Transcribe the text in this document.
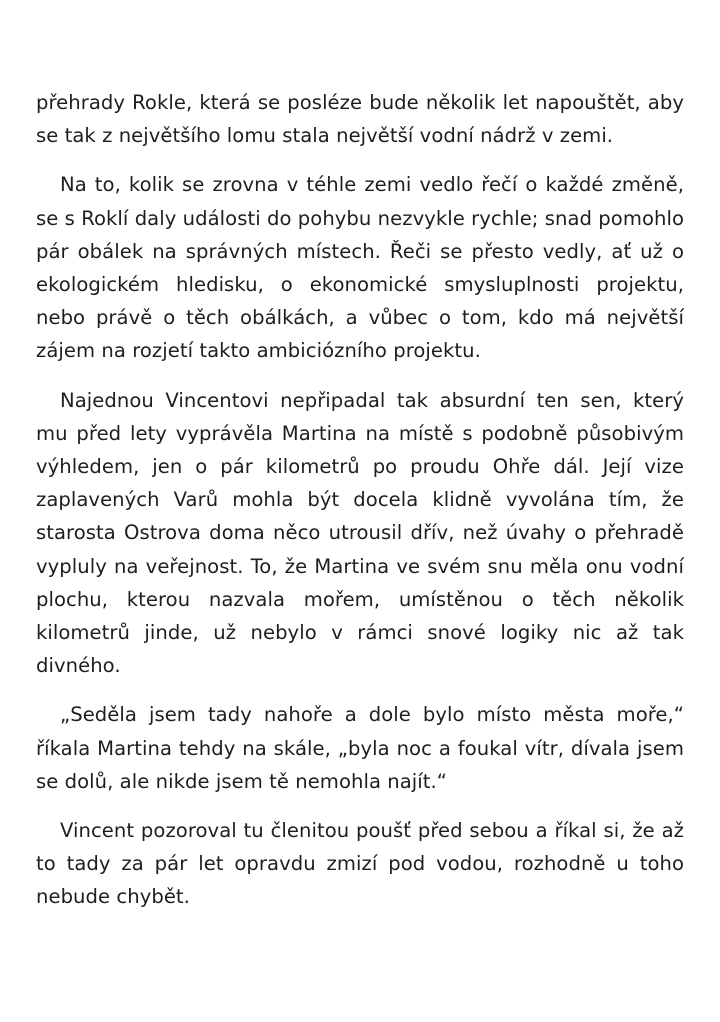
přehrady Rokle, která se posléze bude několik let napouštět, aby se tak z největšího lomu stala největší vodní nádrž v zemi.

Na to, kolik se zrovna v téhle zemi vedlo řečí o každé změně, se s Roklí daly události do pohybu nezvykle rychle; snad pomohlo pár obálek na správných místech. Řeči se přesto vedly, ať už o ekologickém hledisku, o ekonomické smysluplnosti projektu, nebo právě o těch obálkách, a vůbec o tom, kdo má největší zájem na rozjetí takto ambiciózního projektu.

Najednou Vincentovi nepřipadal tak absurdní ten sen, který mu před lety vyprávěla Martina na místě s podobně působivým výhledem, jen o pár kilometrů po proudu Ohře dál. Její vize zaplavených Varů mohla být docela klidně vyvolána tím, že starosta Ostrova doma něco utrousil dřív, než úvahy o přehradě vypluly na veřejnost. To, že Martina ve svém snu měla onu vodní plochu, kterou nazvala mořem, umístěnou o těch několik kilometrů jinde, už nebylo v rámci snové logiky nic až tak divného.

„Seděla jsem tady nahoře a dole bylo místo města moře,“ říkala Martina tehdy na skále, „byla noc a foukal vítr, dívala jsem se dolů, ale nikde jsem tě nemohla najít.“

Vincent pozoroval tu členitou poušť před sebou a říkal si, že až to tady za pár let opravdu zmizí pod vodou, rozhodně u toho nebude chybět.
